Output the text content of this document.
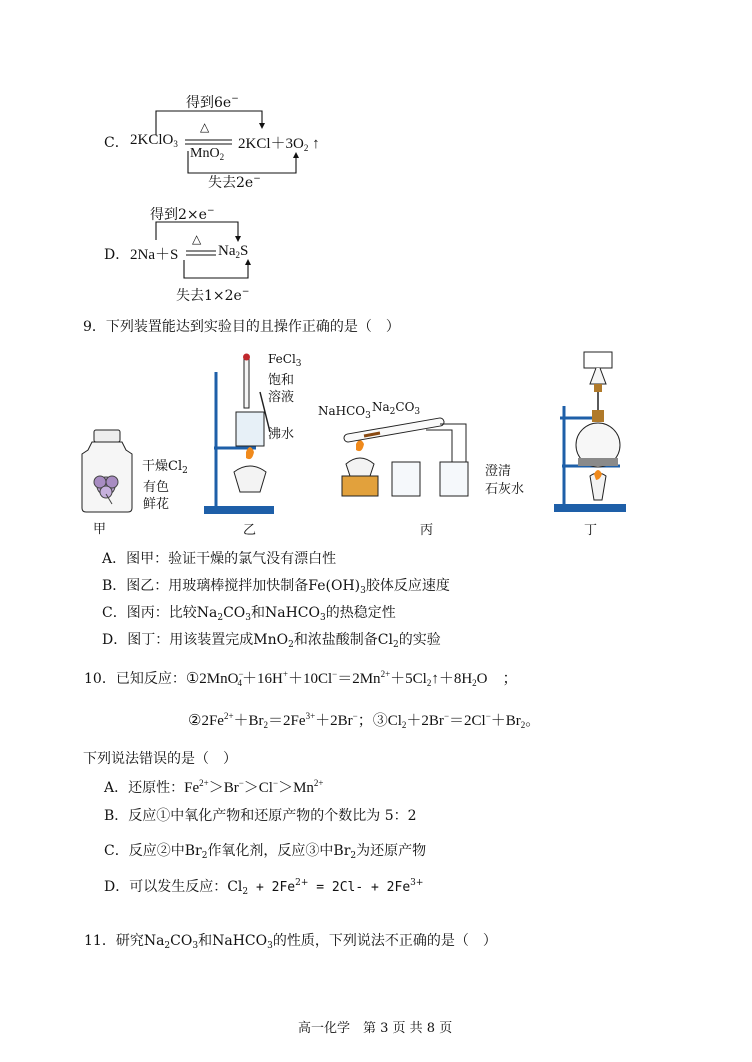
得到6e−
C． 2KClO$_3$
△
MnO$_2$
$2KCl+3O_2$ ↑
失去2e−
得到2×e−
D． 2Na＋S
△
$Na_2S$
失去1×2e−
9．下列装置能达到实验目的且操作正确的是（　）
干燥$Cl_2$
有色
鲜花
甲
FeCl$_3$
饱和
溶液
沸水
乙
NaHCO$_3$
$Na_2CO_3$
澄清
石灰水
丙	丁
A．图甲：验证干燥的氯气没有漂白性
B．图乙：用玻璃棒搅拌加快制备$Fe(OH)_3$胶体反应速度
C．图丙：比较$Na_2CO_3$和NaHCO$_3$的热稳定性
D．图丁：用该装置完成MnO$_2$和浓盐酸制备$Cl_2$的实验
10．已知反应：$①2MnO^-_4+16H^++10Cl^-=2Mn^{2+}+5Cl_2↑+8H_2O$　；
$②2Fe^{2+}+Br_2=2Fe^{3+}+2Br^-$；$③Cl_2+2Br^-=2Cl^-+Br_2$。
下列说法错误的是（　）
A．还原性：$Fe^{2+}>Br^->Cl^->Mn^{2+}$
B．反应①中氧化产物和还原产物的个数比为 5：2
C．反应②中$Br_2$作氧化剂，反应③中$Br_2$为还原产物
D．可以发生反应：$Cl_2 + 2Fe^{2+} = 2Cl- + 2Fe^{3+}$
11．研究$Na_2CO_3$和NaHCO$_3$的性质，下列说法不正确的是（　）
高一化学　第 3 页 共 8 页
